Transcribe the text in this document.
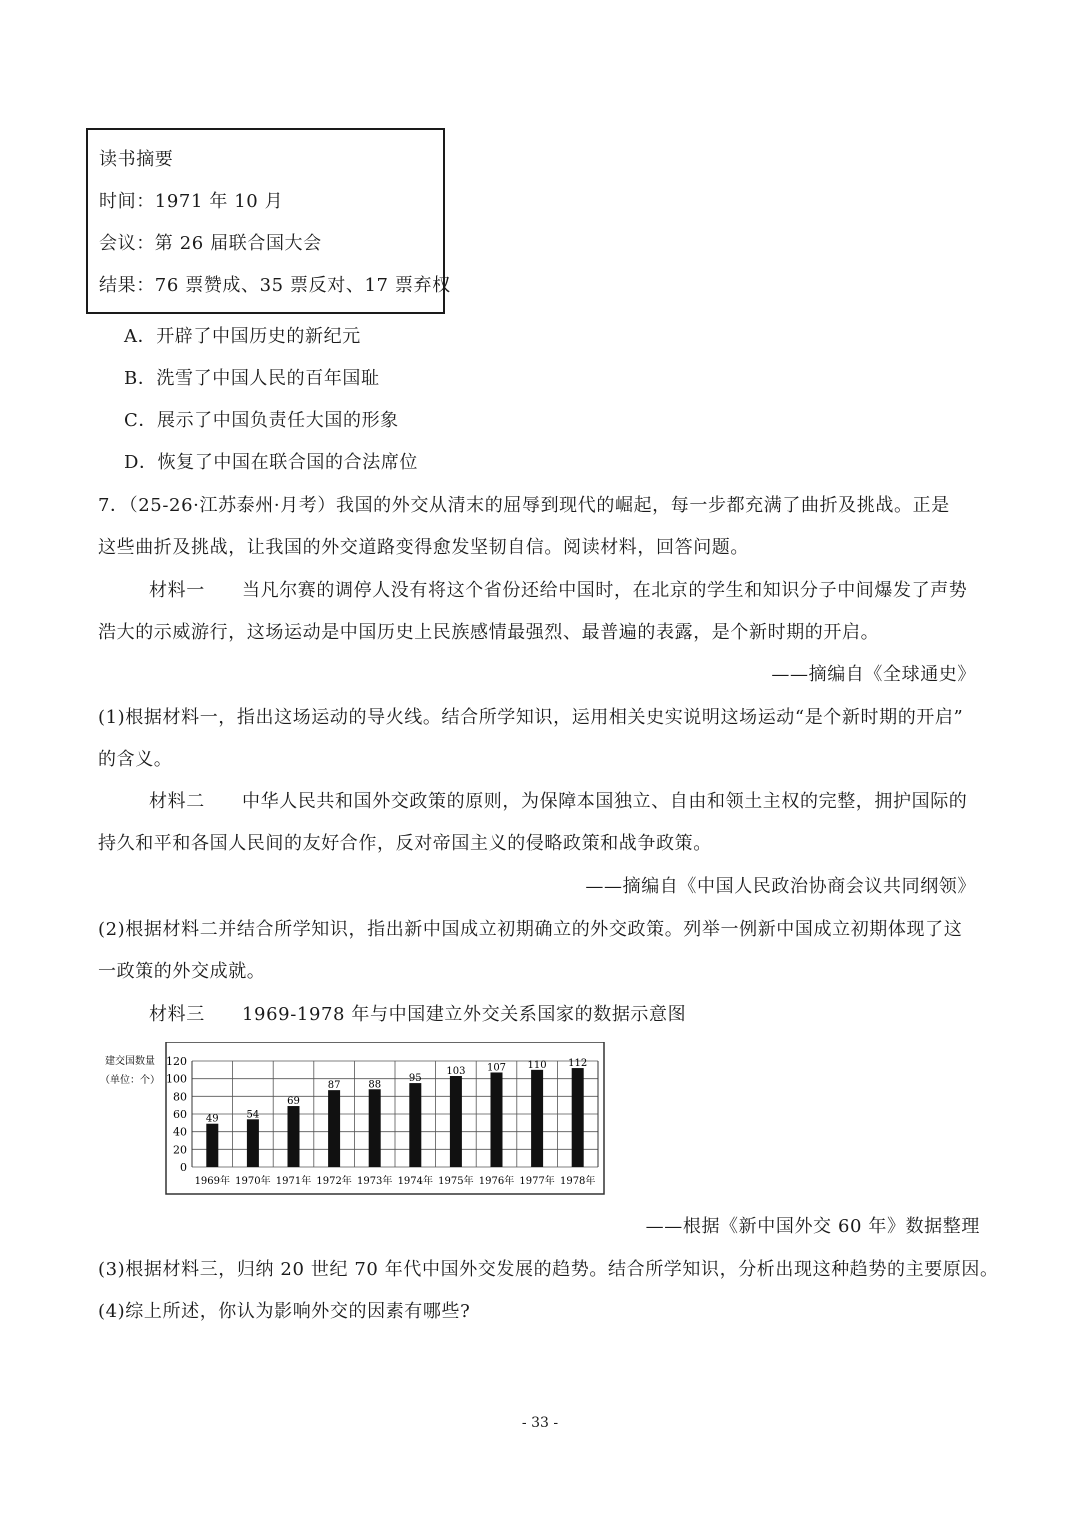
读书摘要
时间：1971 年 10 月
会议：第 26 届联合国大会
结果：76 票赞成、35 票反对、17 票弃权
A．开辟了中国历史的新纪元
B．洗雪了中国人民的百年国耻
C．展示了中国负责任大国的形象
D．恢复了中国在联合国的合法席位
7．（25-26·江苏泰州·月考）我国的外交从清末的屈辱到现代的崛起，每一步都充满了曲折及挑战。正是
这些曲折及挑战，让我国的外交道路变得愈发坚韧自信。阅读材料，回答问题。
材料一　　当凡尔赛的调停人没有将这个省份还给中国时，在北京的学生和知识分子中间爆发了声势
浩大的示威游行，这场运动是中国历史上民族感情最强烈、最普遍的表露，是个新时期的开启。
——摘编自《全球通史》
(1)根据材料一，指出这场运动的导火线。结合所学知识，运用相关史实说明这场运动“是个新时期的开启”
的含义。
材料二　　中华人民共和国外交政策的原则，为保障本国独立、自由和领土主权的完整，拥护国际的
持久和平和各国人民间的友好合作，反对帝国主义的侵略政策和战争政策。
——摘编自《中国人民政治协商会议共同纲领》
(2)根据材料二并结合所学知识，指出新中国成立初期确立的外交政策。列举一例新中国成立初期体现了这
一政策的外交成就。
材料三　　1969-1978 年与中国建立外交关系国家的数据示意图
建交国数量
（单位：个）
0
20
40
60
80
100
120
49
1969年
54
1970年
69
1971年
87
1972年
88
1973年
95
1974年
103
1975年
107
1976年
110
1977年
112
1978年
——根据《新中国外交 60 年》数据整理
(3)根据材料三，归纳 20 世纪 70 年代中国外交发展的趋势。结合所学知识，分析出现这种趋势的主要原因。
(4)综上所述，你认为影响外交的因素有哪些?
- 33 -
